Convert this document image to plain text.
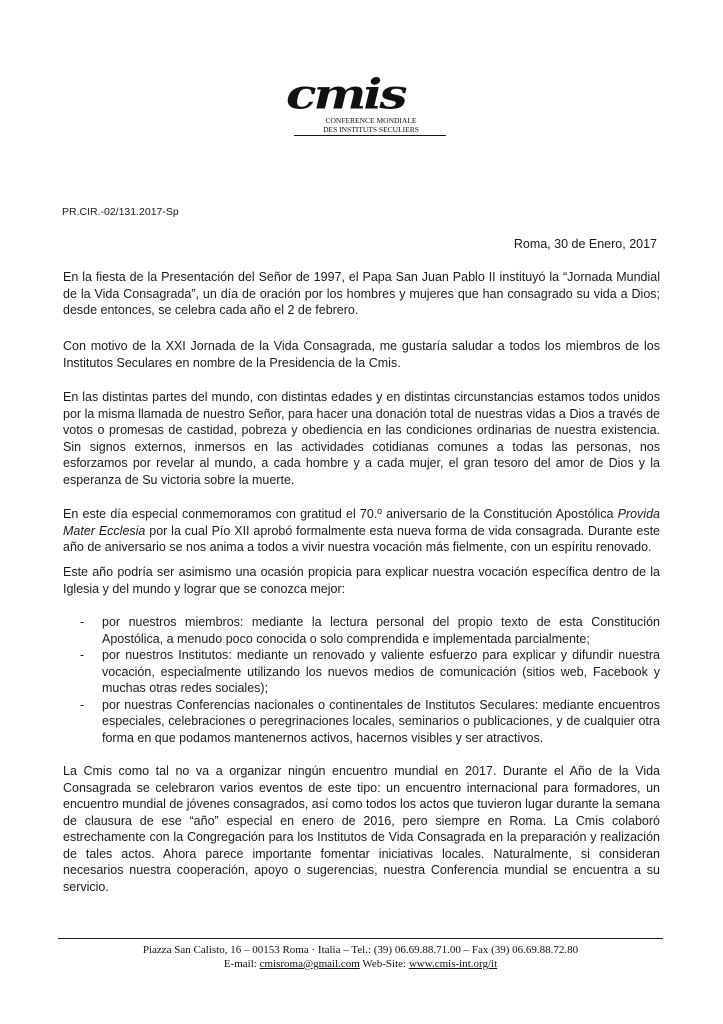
cmis
CONFERENCE MONDIALE
DES INSTITUTS SECULIERS
PR.CIR.-02/131.2017-Sp
Roma, 30 de Enero, 2017

En la fiesta de la Presentación del Señor de 1997, el Papa San Juan Pablo II instituyó la “Jornada Mundial de la Vida Consagrada”, un día de oración por los hombres y mujeres que han consagrado su vida a Dios; desde entonces, se celebra cada año el 2 de febrero.

Con motivo de la XXI Jornada de la Vida Consagrada, me gustaría saludar a todos los miembros de los Institutos Seculares en nombre de la Presidencia de la Cmis.

En las distintas partes del mundo, con distintas edades y en distintas circunstancias estamos todos unidos por la misma llamada de nuestro Señor, para hacer una donación total de nuestras vidas a Dios a través de votos o promesas de castidad, pobreza y obediencia en las condiciones ordinarias de nuestra existencia. Sin signos externos, inmersos en las actividades cotidianas comunes a todas las personas, nos esforzamos por revelar al mundo, a cada hombre y a cada mujer, el gran tesoro del amor de Dios y la esperanza de Su victoria sobre la muerte.

En este día especial conmemoramos con gratitud el 70.º aniversario de la Constitución Apostólica Provida Mater Ecclesia por la cual Pío XII aprobó formalmente esta nueva forma de vida consagrada. Durante este año de aniversario se nos anima a todos a vivir nuestra vocación más fielmente, con un espíritu renovado.

Este año podría ser asimismo una ocasión propicia para explicar nuestra vocación específica dentro de la Iglesia y del mundo y lograr que se conozca mejor:

- por nuestros miembros: mediante la lectura personal del propio texto de esta Constitución Apostólica, a menudo poco conocida o solo comprendida e implementada parcialmente;
- por nuestros Institutos: mediante un renovado y valiente esfuerzo para explicar y difundir nuestra vocación, especialmente utilizando los nuevos medios de comunicación (sitios web, Facebook y muchas otras redes sociales);
- por nuestras Conferencias nacionales o continentales de Institutos Seculares: mediante encuentros especiales, celebraciones o peregrinaciones locales, seminarios o publicaciones, y de cualquier otra forma en que podamos mantenernos activos, hacernos visibles y ser atractivos.

La Cmis como tal no va a organizar ningún encuentro mundial en 2017. Durante el Año de la Vida Consagrada se celebraron varios eventos de este tipo: un encuentro internacional para formadores, un encuentro mundial de jóvenes consagrados, así como todos los actos que tuvieron lugar durante la semana de clausura de ese “año” especial en enero de 2016, pero siempre en Roma. La Cmis colaboró estrechamente con la Congregación para los Institutos de Vida Consagrada en la preparación y realización de tales actos. Ahora parece importante fomentar iniciativas locales. Naturalmente, si consideran necesarios nuestra cooperación, apoyo o sugerencias, nuestra Conferencia mundial se encuentra a su servicio.

Piazza San Calisto, 16 – 00153 Roma · Italia – Tel.: (39) 06.69.88.71.00 – Fax (39) 06.69.88.72.80
E-mail: cmisroma@gmail.com Web-Site: www.cmis-int.org/it
